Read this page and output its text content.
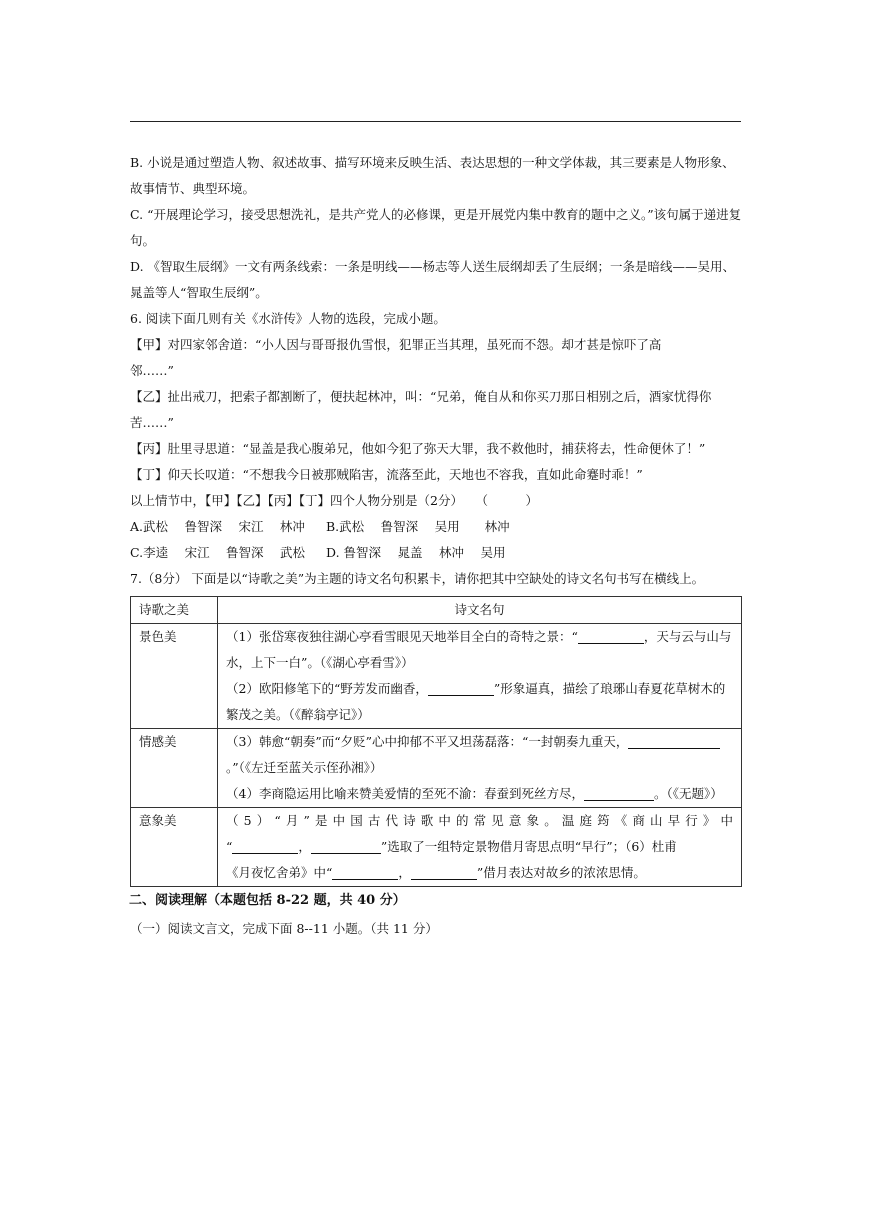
B. 小说是通过塑造人物、叙述故事、描写环境来反映生活、表达思想的一种文学体裁，其三要素是人物形象、故事情节、典型环境。

C. “开展理论学习，接受思想洗礼，是共产党人的必修课，更是开展党内集中教育的题中之义。”该句属于递进复句。

D. 《智取生辰纲》一文有两条线索：一条是明线——杨志等人送生辰纲却丢了生辰纲；一条是暗线——吴用、晁盖等人“智取生辰纲”。

6. 阅读下面几则有关《水浒传》人物的选段，完成小题。

【甲】对四家邻舍道：“小人因与哥哥报仇雪恨，犯罪正当其理，虽死而不怨。却才甚是惊吓了高邻……”

【乙】扯出戒刀，把索子都割断了，便扶起林冲，叫：“兄弟，俺自从和你买刀那日相别之后，酒家忧得你苦……”

【丙】肚里寻思道：“显盖是我心腹弟兄，他如今犯了弥天大罪，我不救他时，捕获将去，性命便休了！”

【丁】仰天长叹道：“不想我今日被那贼陷害，流落至此，天地也不容我，直如此命蹇时乖！”

以上情节中，【甲】【乙】【丙】【丁】四个人物分别是（2分）　　（　　　）

A.武松　 鲁智深　 宋江　 林冲	B.武松　 鲁智深　 吴用　　林冲
C.李逵　 宋江　 鲁智深　 武松	D. 鲁智深　 晁盖　 林冲　 吴用

7.（8分） 下面是以“诗歌之美”为主题的诗文名句积累卡，请你把其中空缺处的诗文名句书写在横线上。

诗歌之美	诗文名句
景色美	（1）张岱寒夜独往湖心亭看雪眼见天地举目全白的奇特之景：“ ，天与云与山与水，上下一白”。（《湖心亭看雪》）
（2）欧阳修笔下的“野芳发而幽香， ”形象逼真，描绘了琅琊山春夏花草树木的繁茂之美。（《醉翁亭记》）

情感美	（3）韩愈“朝奏”而“夕贬”心中抑郁不平又坦荡磊落：“一封朝奏九重天，。”（《左迁至蓝关示侄孙湘》）
（4）李商隐运用比喻来赞美爱情的至死不渝：春蚕到死丝方尽， 。（《无题》）

意象美	（5）“月”是中国古代诗歌中的常见意象。温庭筠《商山早行》中
“ ， ”选取了一组特定景物借月寄思点明“早行”；（6）杜甫
《月夜忆舍弟》中“ ， ”借月表达对故乡的浓浓思情。
二、阅读理解（本题包括 8-22 题，共 40 分）
（一）阅读文言文，完成下面 8--11 小题。（共 11 分）
